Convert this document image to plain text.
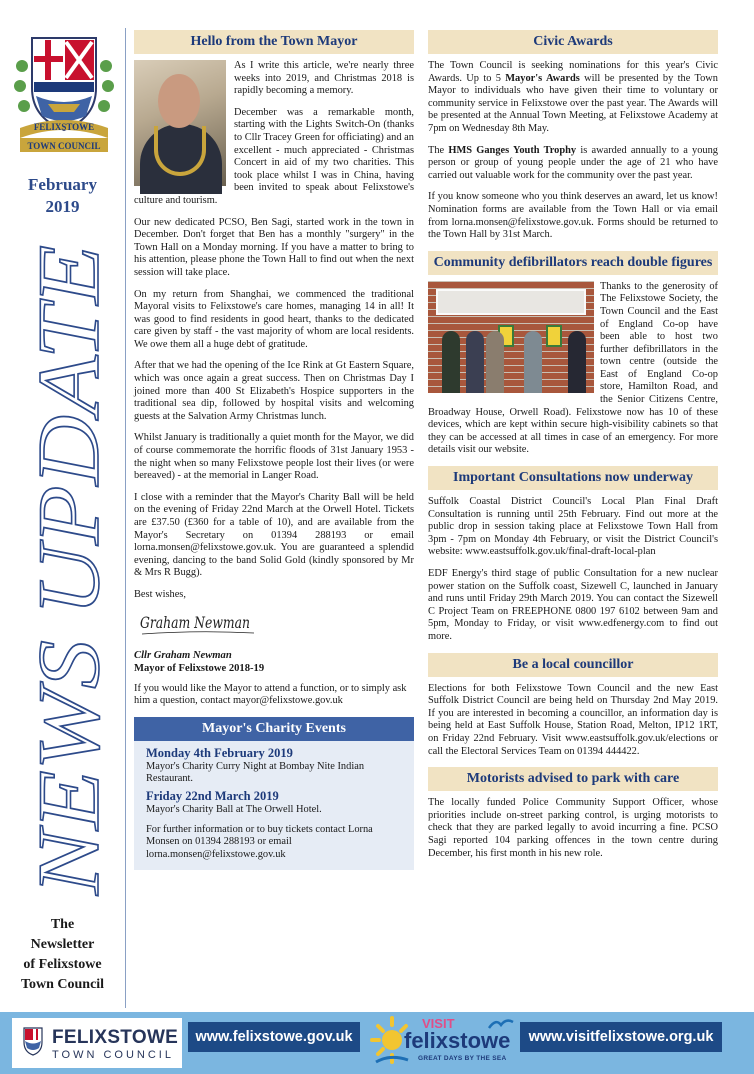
FELIXSTOWE
TOWN COUNCIL
February
2019
NEWS UPDATE
The
Newsletter
of Felixstowe
Town Council
Hello from the Town Mayor

As I write this article, we're nearly three weeks into 2019, and Christmas 2018 is rapidly becoming a memory.

December was a remarkable month, starting with the Lights Switch-On (thanks to Cllr Tracey Green for officiating) and an excellent - much appreciated - Christmas Concert in aid of my two charities. This took place whilst I was in China, having been invited to speak about Felixstowe's culture and tourism.

Our new dedicated PCSO, Ben Sagi, started work in the town in December. Don't forget that Ben has a monthly "surgery" in the Town Hall on a Monday morning. If you have a matter to bring to his attention, please phone the Town Hall to find out when the next session will take place.

On my return from Shanghai, we commenced the traditional Mayoral visits to Felixstowe's care homes, managing 14 in all! It was good to find residents in good heart, thanks to the dedicated care given by staff - the vast majority of whom are local residents. We owe them all a huge debt of gratitude.

After that we had the opening of the Ice Rink at Gt Eastern Square, which was once again a great success. Then on Christmas Day I joined more than 400 St Elizabeth's Hospice supporters in the traditional sea dip, followed by hospital visits and welcoming guests at the Salvation Army Christmas lunch.

Whilst January is traditionally a quiet month for the Mayor, we did of course commemorate the horrific floods of 31st January 1953 - the night when so many Felixstowe people lost their lives (or were bereaved) - at the memorial in Langer Road.

I close with a reminder that the Mayor's Charity Ball will be held on the evening of Friday 22nd March at the Orwell Hotel. Tickets are £37.50 (£360 for a table of 10), and are available from the Mayor's Secretary on 01394 288193 or email lorna.monsen@felixstowe.gov.uk. You are guaranteed a splendid evening, dancing to the band Solid Gold (kindly sponsored by Mr & Mrs R Bugg).

Best wishes,

Graham Newman
Cllr Graham Newman
Mayor of Felixstowe 2018-19

If you would like the Mayor to attend a function, or to simply ask him a question, contact mayor@felixstowe.gov.uk

Mayor's Charity Events
Monday 4th February 2019
Mayor's Charity Curry Night at Bombay Nite Indian Restaurant.
Friday 22nd March 2019
Mayor's Charity Ball at The Orwell Hotel.
For further information or to buy tickets contact Lorna Monsen on 01394 288193 or email lorna.monsen@felixstowe.gov.uk
Civic Awards

The Town Council is seeking nominations for this year's Civic Awards. Up to 5 Mayor's Awards will be presented by the Town Mayor to individuals who have given their time to voluntary or community service in Felixstowe over the past year. The Awards will be presented at the Annual Town Meeting, at Felixstowe Academy at 7pm on Wednesday 8th May.

The HMS Ganges Youth Trophy is awarded annually to a young person or group of young people under the age of 21 who have carried out valuable work for the community over the past year.

If you know someone who you think deserves an award, let us know! Nomination forms are available from the Town Hall or via email from lorna.monsen@felixstowe.gov.uk. Forms should be returned to the Town Hall by 31st March.

Community defibrillators reach double figures

Thanks to the generosity of The Felixstowe Society, the Town Council and the East of England Co-op have been able to host two further defibrillators in the town centre (outside the East of England Co-op store, Hamilton Road, and the Senior Citizens Centre, Broadway House, Orwell Road). Felixstowe now has 10 of these devices, which are kept within secure high-visibility cabinets so that they can be accessed at all times in case of an emergency. For more details visit our website.

Important Consultations now underway

Suffolk Coastal District Council's Local Plan Final Draft Consultation is running until 25th February. Find out more at the public drop in session taking place at Felixstowe Town Hall from 3pm - 7pm on Monday 4th February, or visit the District Council's website: www.eastsuffolk.gov.uk/final-draft-local-plan

EDF Energy's third stage of public Consultation for a new nuclear power station on the Suffolk coast, Sizewell C, launched in January and runs until Friday 29th March 2019. You can contact the Sizewell C Project Team on FREEPHONE 0800 197 6102 between 9am and 5pm, Monday to Friday, or visit www.edfenergy.com to find out more.

Be a local councillor

Elections for both Felixstowe Town Council and the new East Suffolk District Council are being held on Thursday 2nd May 2019. If you are interested in becoming a councillor, an information day is being held at East Suffolk House, Station Road, Melton, IP12 1RT, on Friday 22nd February. Visit www.eastsuffolk.gov.uk/elections or call the Electoral Services Team on 01394 444422.

Motorists advised to park with care

The locally funded Police Community Support Officer, whose priorities include on-street parking control, is urging motorists to check that they are parked legally to avoid incurring a fine. PCSO Sagi reported 104 parking offences in the town centre during December, his first month in his new role.

FELIXSTOWE
TOWN COUNCIL
www.felixstowe.gov.uk
VISIT
felixstowe
GREAT DAYS BY THE SEA
www.visitfelixstowe.org.uk
